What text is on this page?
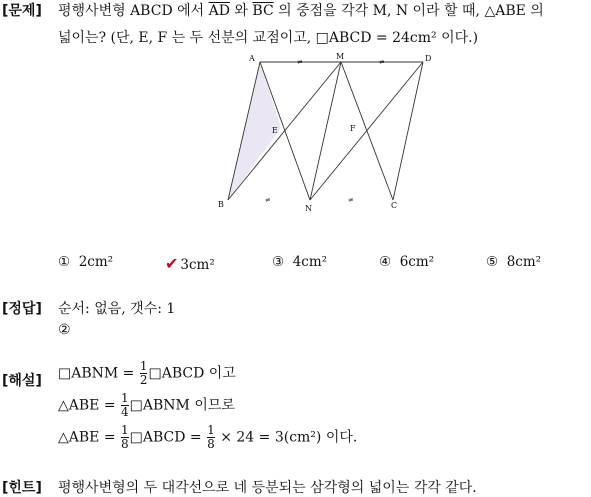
[문제] 평행사변형 ABCD 에서 $\overline{AD}$ 와 $\overline{BC}$ 의 중점을 각각 M, N 이라 할 때, △ABE 의
넓이는? (단, E, F 는 두 선분의 교점이고, □ABCD = 24cm² 이다.)
≠	≠
≠	≠
A	M	D
B	N	C
E	F
① 2cm²	✔ 3cm²	③ 4cm²	④ 6cm²	⑤ 8cm²
[정답] 순서: 없음, 갯수: 1
②
[해설] □ABNM = $\frac{1}{2}$ □ABCD 이고
△ABE = $\frac{1}{4}$ □ABNM 이므로
△ABE = $\frac{1}{8}$ □ABCD = $\frac{1}{8} \times 24 = 3(cm^2)$ 이다.
[힌트] 평행사변형의 두 대각선으로 네 등분되는 삼각형의 넓이는 각각 같다.
